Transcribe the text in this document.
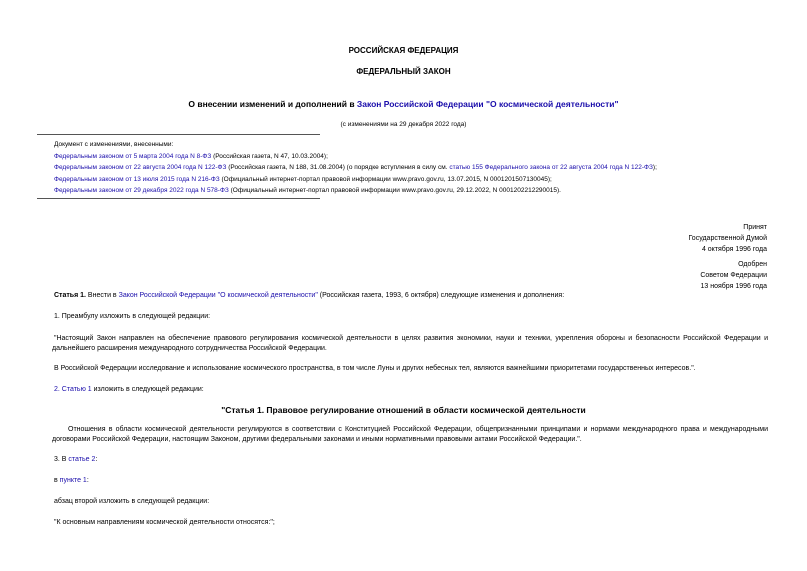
РОССИЙСКАЯ ФЕДЕРАЦИЯ
ФЕДЕРАЛЬНЫЙ ЗАКОН
О внесении изменений и дополнений в Закон Российской Федерации "О космической деятельности"
(с изменениями на 29 декабря 2022 года)
Документ с изменениями, внесенными:
Федеральным законом от 5 марта 2004 года N 8-ФЗ (Российская газета, N 47, 10.03.2004);
Федеральным законом от 22 августа 2004 года N 122-ФЗ (Российская газета, N 188, 31.08.2004) (о порядке вступления в силу см. статью 155 Федерального закона от 22 августа 2004 года N 122-ФЗ);
Федеральным законом от 13 июля 2015 года N 216-ФЗ (Официальный интернет-портал правовой информации www.pravo.gov.ru, 13.07.2015, N 0001201507130045);
Федеральным законом от 29 декабря 2022 года N 578-ФЗ (Официальный интернет-портал правовой информации www.pravo.gov.ru, 29.12.2022, N 0001202212290015).
Принят
Государственной Думой
4 октября 1996 года
Одобрен
Советом Федерации
13 ноября 1996 года
Статья 1. Внести в Закон Российской Федерации "О космической деятельности" (Российская газета, 1993, 6 октября) следующие изменения и дополнения:
1. Преамбулу изложить в следующей редакции:
"Настоящий Закон направлен на обеспечение правового регулирования космической деятельности в целях развития экономики, науки и техники, укрепления обороны и безопасности Российской Федерации и дальнейшего расширения международного сотрудничества Российской Федерации.
В Российской Федерации исследование и использование космического пространства, в том числе Луны и других небесных тел, являются важнейшими приоритетами государственных интересов.".
2. Статью 1 изложить в следующей редакции:
"Статья 1. Правовое регулирование отношений в области космической деятельности
Отношения в области космической деятельности регулируются в соответствии с Конституцией Российской Федерации, общепризнанными принципами и нормами международного права и международными договорами Российской Федерации, настоящим Законом, другими федеральными законами и иными нормативными правовыми актами Российской Федерации.".
3. В статье 2:
в пункте 1:
абзац второй изложить в следующей редакции:
"К основным направлениям космической деятельности относятся:";
